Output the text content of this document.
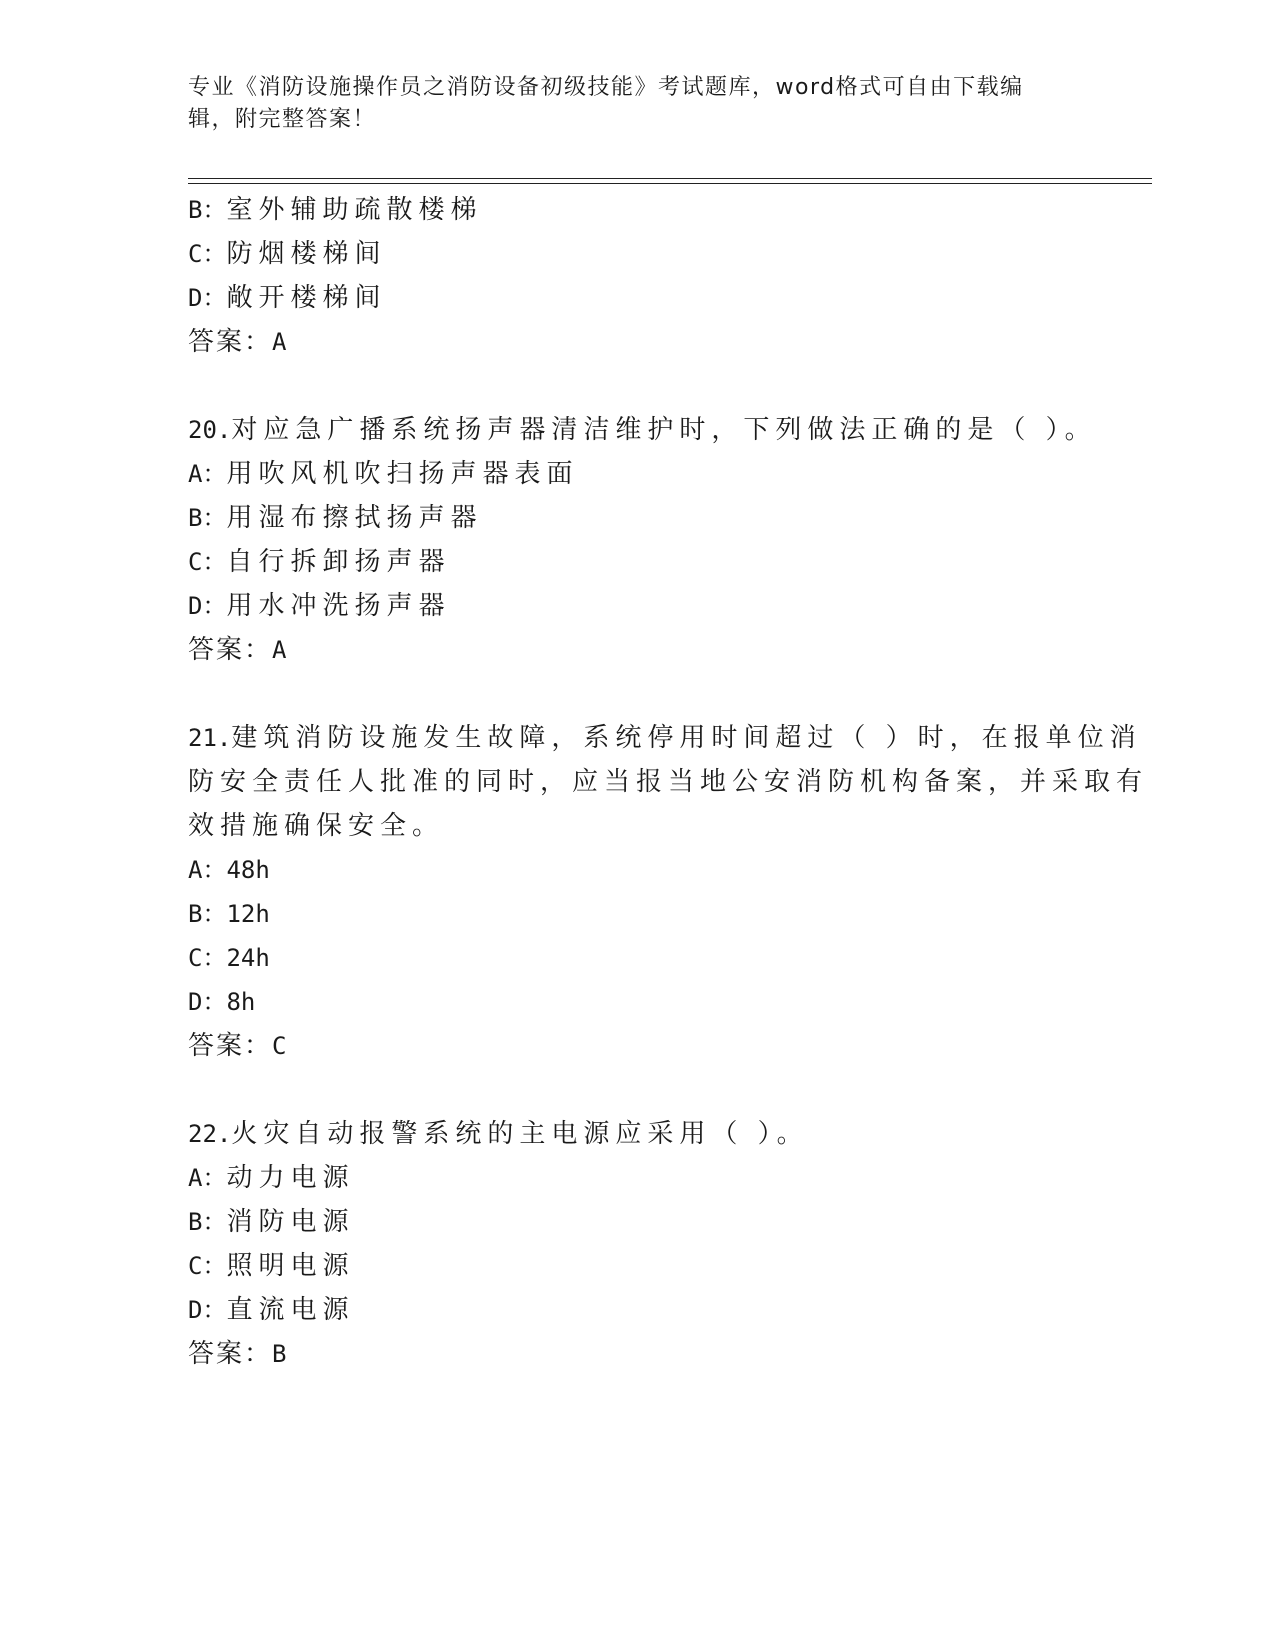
专业《消防设施操作员之消防设备初级技能》考试题库，word格式可自由下载编辑，附完整答案！
B：室外辅助疏散楼梯
C：防烟楼梯间
D：敞开楼梯间
答案：A
20.对应急广播系统扬声器清洁维护时，下列做法正确的是（ ）。
A：用吹风机吹扫扬声器表面
B：用湿布擦拭扬声器
C：自行拆卸扬声器
D：用水冲洗扬声器
答案：A
21.建筑消防设施发生故障，系统停用时间超过（ ）时，在报单位消
防安全责任人批准的同时，应当报当地公安消防机构备案，并采取有
效措施确保安全。
A：48h
B：12h
C：24h
D：8h
答案：C
22.火灾自动报警系统的主电源应采用（ ）。
A：动力电源
B：消防电源
C：照明电源
D：直流电源
答案：B
